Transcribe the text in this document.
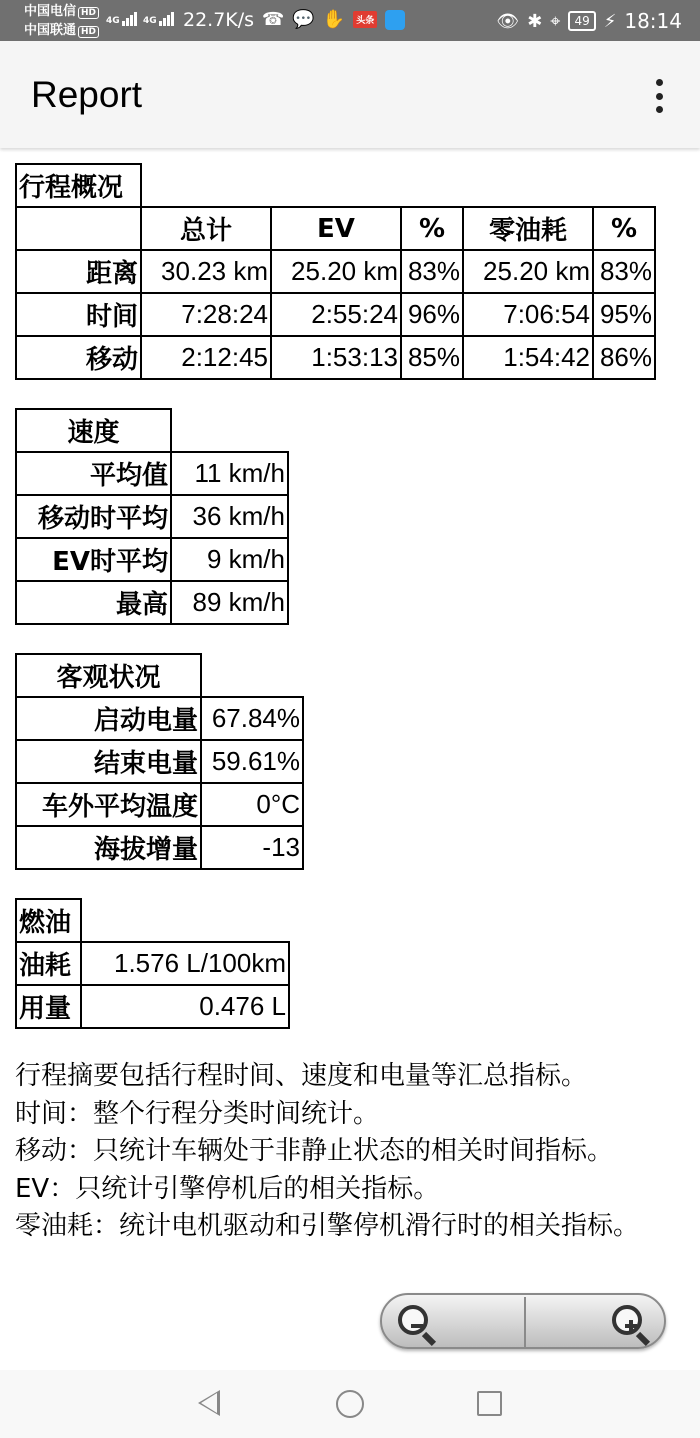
中国电信 HD
中国联通 HD
4G	4G	22.7K/s ☎ 💬 ✋	头条	👁 ✱ ⌖	49 ⚡ 18:14
Report
行程概况					
	总计	EV	%	零油耗	%
距离	30.23 km	25.20 km	83%	25.20 km	83%
时间	7:28:24	2:55:24	96%	7:06:54	95%
移动	2:12:45	1:53:13	85%	1:54:42	86%
速度	
平均值	11 km/h
移动时平均	36 km/h
EV时平均	9 km/h
最高	89 km/h
客观状况	
启动电量	67.84%
结束电量	59.61%
车外平均温度	0°C
海拔增量	-13
燃油	
油耗	1.576 L/100km
用量	0.476 L

行程摘要包括行程时间、速度和电量等汇总指标。

时间：整个行程分类时间统计。

移动：只统计车辆处于非静止状态的相关时间指标。

EV：只统计引擎停机后的相关指标。

零油耗：统计电机驱动和引擎停机滑行时的相关指标。
